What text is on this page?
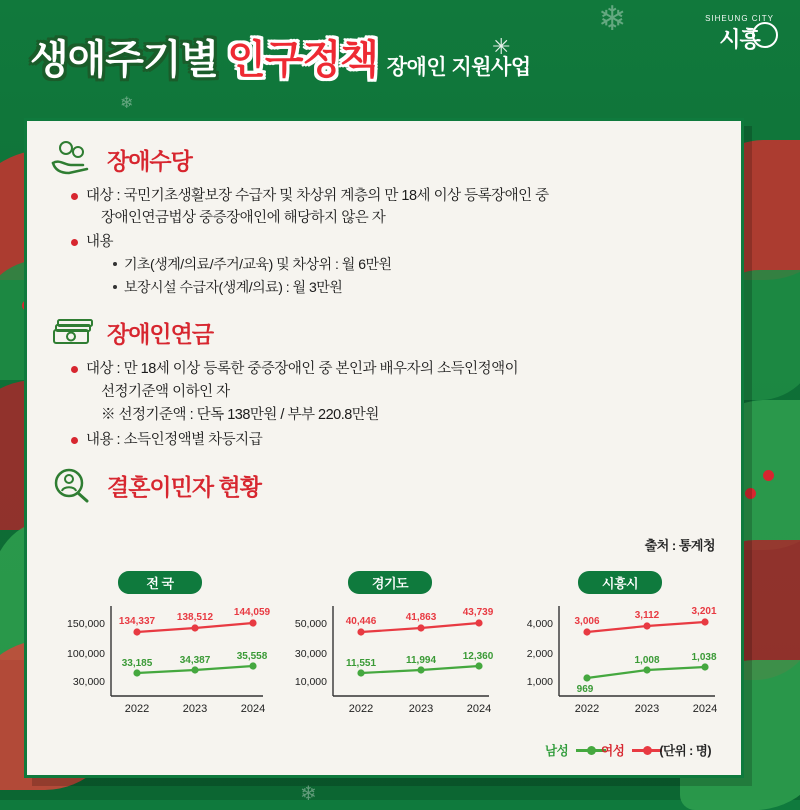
❄
❄
❄
생애주기별 인구정책 장애인 지원사업
✳
SIHEUNG CITY
시흥
장애수당
대상 : 국민기초생활보장 수급자 및 차상위 계층의 만 18세 이상 등록장애인 중
장애인연금법상 중증장애인에 해당하지 않은 자
내용
기초(생계/의료/주거/교육) 및 차상위 : 월 6만원
보장시설 수급자(생계/의료) : 월 3만원
장애인연금
대상 : 만 18세 이상 등록한 중증장애인 중 본인과 배우자의 소득인정액이
선정기준액 이하인 자
※ 선정기준액 : 단독 138만원 / 부부 220.8만원
내용 : 소득인정액별 차등지급
결혼이민자 현황
출처 : 통계청
전 국
150,000
100,000
30,000
134,337 138,512 144,059
33,185	34,387	35,558
2022	2023	2024
경기도
50,000
30,000
10,000
40,446	41,863	43,739
11,551	11,994	12,360
2022	2023	2024
시흥시
4,000
2,000
1,000
3,006
3,112	3,201
969
1,008	1,038
2022	2023	2024
남성	여성	(단위 : 명)
